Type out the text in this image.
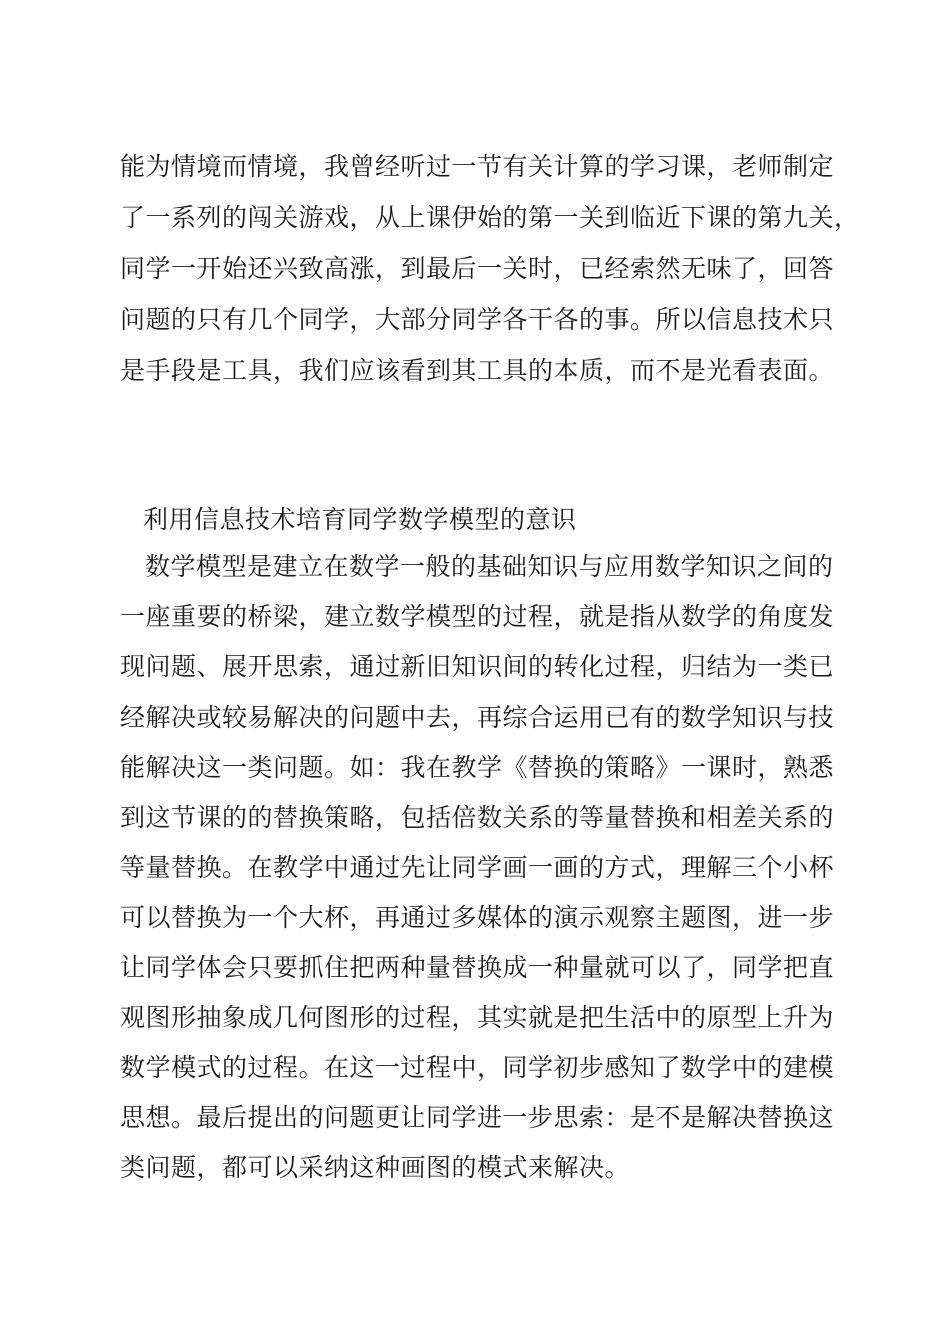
能为情境而情境，我曾经听过一节有关计算的学习课，老师制定
了一系列的闯关游戏，从上课伊始的第一关到临近下课的第九关，
同学一开始还兴致高涨，到最后一关时，已经索然无味了，回答
问题的只有几个同学，大部分同学各干各的事。所以信息技术只
是手段是工具，我们应该看到其工具的本质，而不是光看表面。
利用信息技术培育同学数学模型的意识
数学模型是建立在数学一般的基础知识与应用数学知识之间的
一座重要的桥梁，建立数学模型的过程，就是指从数学的角度发
现问题、展开思索，通过新旧知识间的转化过程，归结为一类已
经解决或较易解决的问题中去，再综合运用已有的数学知识与技
能解决这一类问题。如：我在教学《替换的策略》一课时，熟悉
到这节课的的替换策略，包括倍数关系的等量替换和相差关系的
等量替换。在教学中通过先让同学画一画的方式，理解三个小杯
可以替换为一个大杯，再通过多媒体的演示观察主题图，进一步
让同学体会只要抓住把两种量替换成一种量就可以了，同学把直
观图形抽象成几何图形的过程，其实就是把生活中的原型上升为
数学模式的过程。在这一过程中，同学初步感知了数学中的建模
思想。最后提出的问题更让同学进一步思索：是不是解决替换这
类问题，都可以采纳这种画图的模式来解决。
